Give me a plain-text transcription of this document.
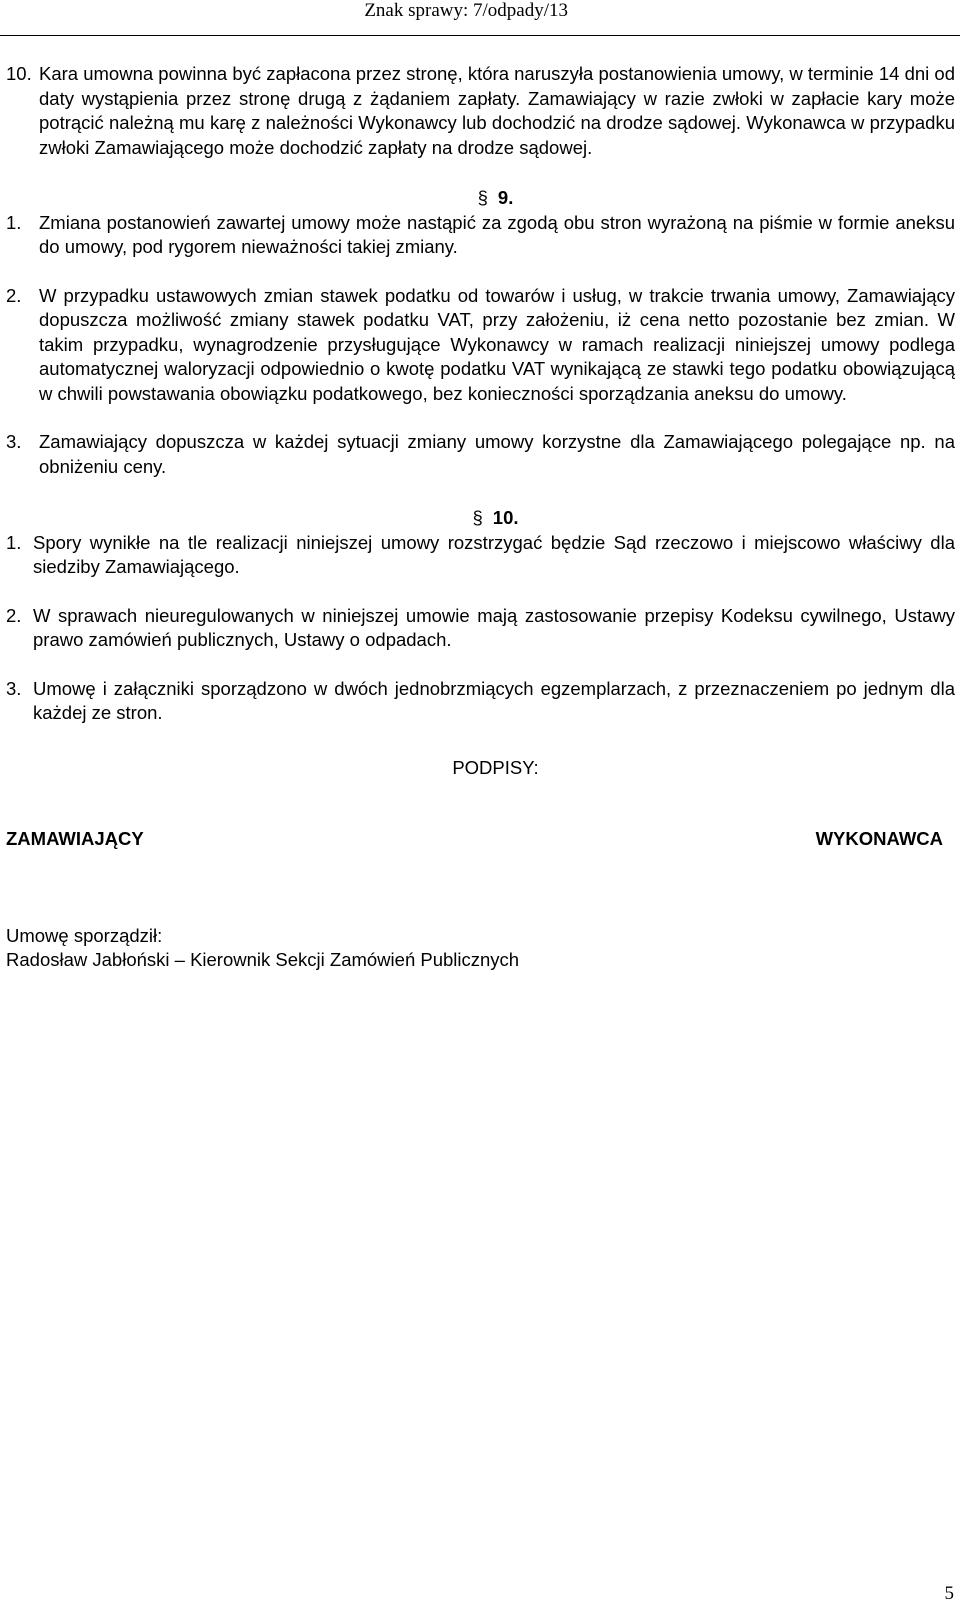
Znak sprawy: 7/odpady/13
10. Kara umowna powinna być zapłacona przez stronę, która naruszyła postanowienia umowy, w terminie 14 dni od daty wystąpienia przez stronę drugą z żądaniem zapłaty. Zamawiający w razie zwłoki w zapłacie kary może potrącić należną mu karę z należności Wykonawcy lub dochodzić na drodze sądowej. Wykonawca w przypadku zwłoki Zamawiającego może dochodzić zapłaty na drodze sądowej.
§ 9.
1. Zmiana postanowień zawartej umowy może nastąpić za zgodą obu stron wyrażoną na piśmie w formie aneksu do umowy, pod rygorem nieważności takiej zmiany.
2. W przypadku ustawowych zmian stawek podatku od towarów i usług, w trakcie trwania umowy, Zamawiający dopuszcza możliwość zmiany stawek podatku VAT, przy założeniu, iż cena netto pozostanie bez zmian. W takim przypadku, wynagrodzenie przysługujące Wykonawcy w ramach realizacji niniejszej umowy podlega automatycznej waloryzacji odpowiednio o kwotę podatku VAT wynikającą ze stawki tego podatku obowiązującą w chwili powstawania obowiązku podatkowego, bez konieczności sporządzania aneksu do umowy.
3. Zamawiający dopuszcza w każdej sytuacji zmiany umowy korzystne dla Zamawiającego polegające np. na obniżeniu ceny.
§ 10.
1. Spory wynikłe na tle realizacji niniejszej umowy rozstrzygać będzie Sąd rzeczowo i miejscowo właściwy dla siedziby Zamawiającego.
2. W sprawach nieuregulowanych w niniejszej umowie mają zastosowanie przepisy Kodeksu cywilnego, Ustawy prawo zamówień publicznych, Ustawy o odpadach.
3. Umowę i załączniki sporządzono w dwóch jednobrzmiących egzemplarzach, z przeznaczeniem po jednym dla każdej ze stron.
PODPISY:
ZAMAWIAJĄCY	WYKONAWCA
Umowę sporządził:
Radosław Jabłoński – Kierownik Sekcji Zamówień Publicznych
5
